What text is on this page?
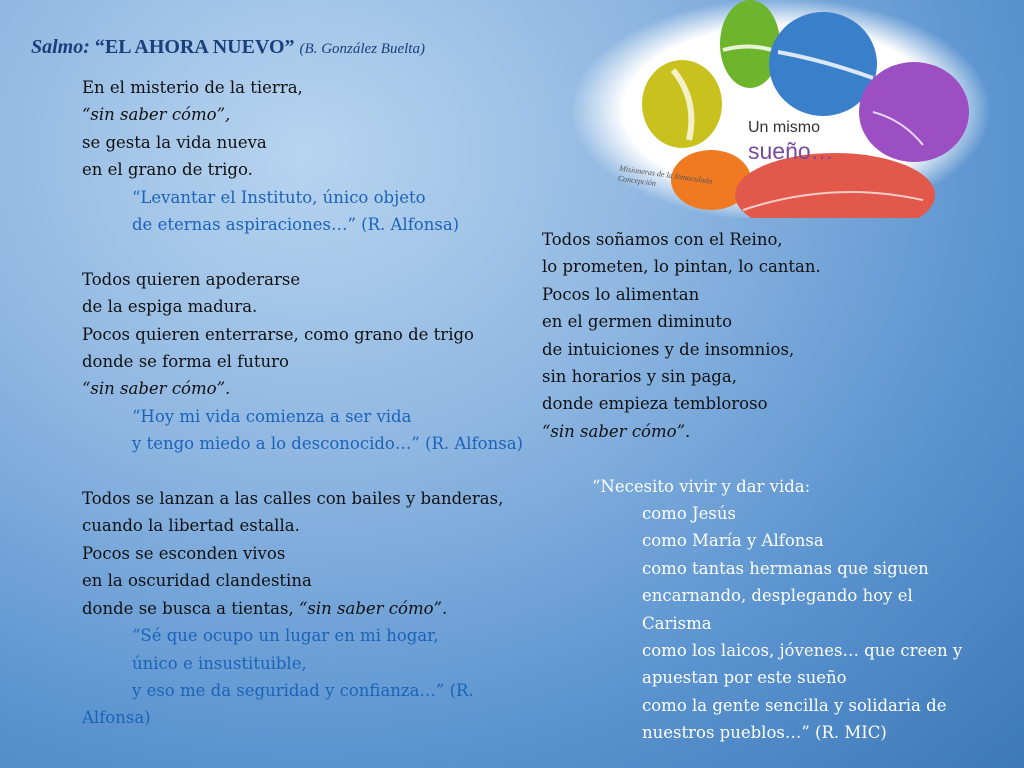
Salmo: “EL AHORA NUEVO” (B. González Buelta)
Un mismo
sueño…
Misioneras de la Inmaculada Concepción

En el misterio de la tierra,

“sin saber cómo”,

se gesta la vida nueva

en el grano de trigo.

“Levantar el Instituto, único objeto

de eternas aspiraciones…” (R. Alfonsa)

Todos quieren apoderarse

de la espiga madura.

Pocos quieren enterrarse, como grano de trigo

donde se forma el futuro

“sin saber cómo”.

“Hoy mi vida comienza a ser vida

y tengo miedo a lo desconocido…” (R. Alfonsa)

Todos se lanzan a las calles con bailes y banderas,

cuando la libertad estalla.

Pocos se esconden vivos

en la oscuridad clandestina

donde se busca a tientas, “sin saber cómo”.

“Sé que ocupo un lugar en mi hogar,

único e insustituible,

y eso me da seguridad y confianza…” (R.

Alfonsa)

Todos soñamos con el Reino,

lo prometen, lo pintan, lo cantan.

Pocos lo alimentan

en el germen diminuto

de intuiciones y de insomnios,

sin horarios y sin paga,

donde empieza tembloroso

“sin saber cómo”.

“Necesito vivir y dar vida:

como Jesús

como María y Alfonsa

como tantas hermanas que siguen

encarnando, desplegando hoy el

Carisma

como los laicos, jóvenes… que creen y

apuestan por este sueño

como la gente sencilla y solidaria de

nuestros pueblos…” (R. MIC)
